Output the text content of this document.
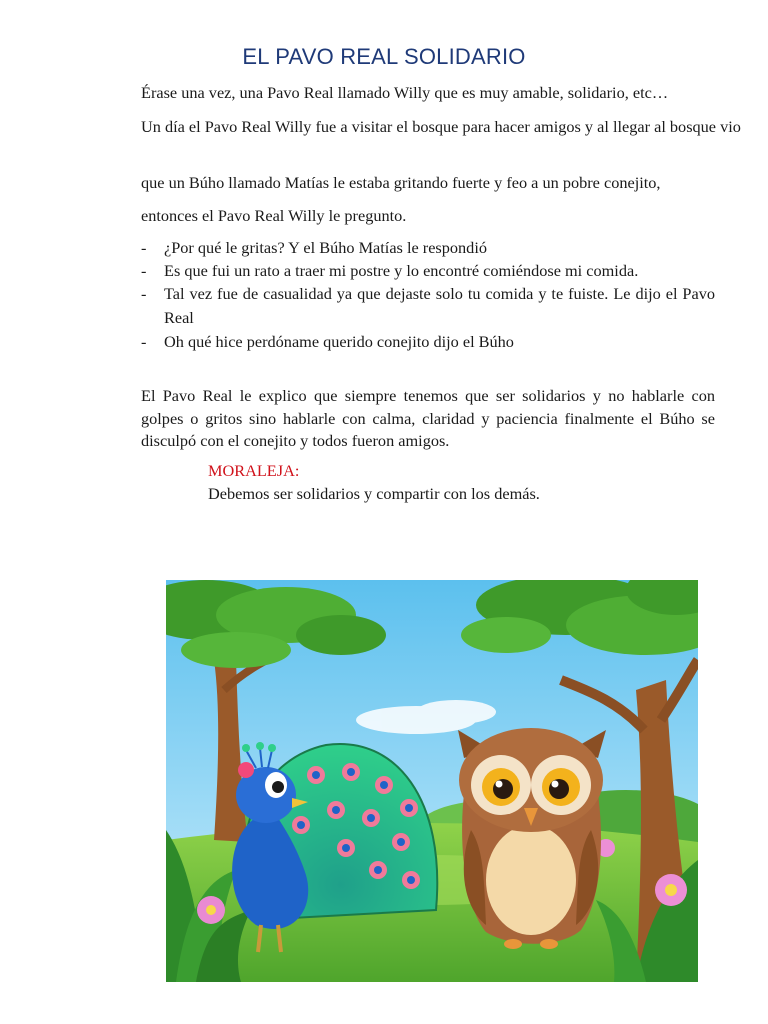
EL PAVO REAL SOLIDARIO
Érase una vez, una Pavo Real llamado Willy que es muy amable, solidario, etc…
Un día el Pavo Real Willy fue a visitar el bosque para hacer amigos y al llegar al bosque vio
que un Búho llamado Matías le estaba gritando fuerte y feo a un pobre conejito,
entonces el Pavo Real Willy le pregunto.
- ¿Por qué le gritas? Y el Búho Matías le respondió
- Es que fui un rato a traer mi postre y lo encontré comiéndose mi comida.
- Tal vez fue de casualidad ya que dejaste solo tu comida y te fuiste. Le dijo el Pavo Real
- Oh qué hice perdóname querido conejito dijo el Búho
El Pavo Real le explico que siempre tenemos que ser solidarios y no hablarle con golpes o gritos sino hablarle con calma, claridad y paciencia finalmente el Búho se disculpó con el conejito y todos fueron amigos.
MORALEJA:
Debemos ser solidarios y compartir con los demás.
